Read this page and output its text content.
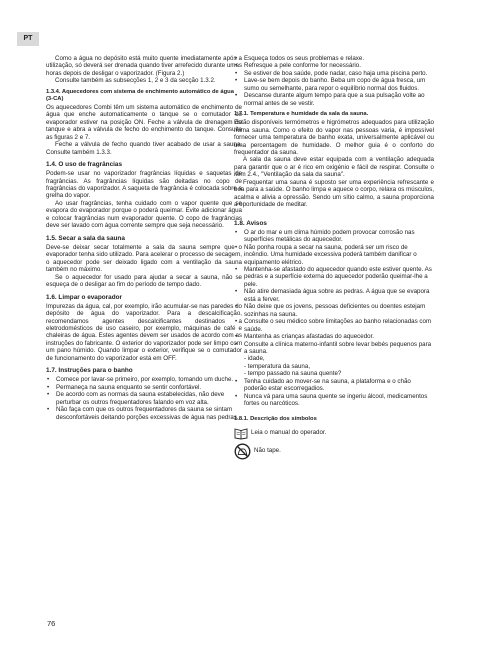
PT

Como a água no depósito está muito quente imediatamente após a utilização, só deverá ser drenada quando tiver arrefecido durante umas horas depois de desligar o vaporizador. (Figura 2.)

Consulte também as subsecções 1, 2 e 3 da secção 1.3.2.

1.3.4. Aquecedores com sistema de enchimento automático de água (3-CA)

Os aquecedores Combi têm um sistema automático de enchimento de água que enche automaticamente o tanque se o comutador do evaporador estiver na posição ON. Feche a válvula de drenagem do tanque e abra a válvula de fecho do enchimento do tanque. Consulte as figuras 2 e 7.

Feche a válvula de fecho quando tiver acabado de usar a sauna. Consulte também 1.3.3.

1.4. O uso de fragrâncias

Podem-se usar no vaporizador fragrâncias líquidas e saquetas de fragrâncias. As fragrâncias líquidas são deitadas no copo de fragrâncias do vaporizador. A saqueta de fragrância é colocada sobre a grelha do vapor.

Ao usar fragrâncias, tenha cuidado com o vapor quente que se evapora do evaporador porque o poderá queimar. Evite adicionar água e colocar fragrâncias num evaporador quente. O copo de fragrâncias deve ser lavado com água corrente sempre que seja necessário.

1.5. Secar a sala da sauna

Deve-se deixar secar totalmente a sala da sauna sempre que o evaporador tenha sido utilizado. Para acelerar o processo de secagem, o aquecedor pode ser deixado ligado com a ventilação da sauna também no máximo.

Se o aquecedor for usado para ajudar a secar a sauna, não se esqueça de o desligar ao fim do período de tempo dado.

1.6. Limpar o evaporador

Impurezas da água, cal, por exemplo, irão acumular-se nas paredes do depósito de água do vaporizador. Para a descalcificação, recomendamos agentes descalcificantes destinados a eletrodomésticos de uso caseiro, por exemplo, máquinas de café e chaleiras de água. Estes agentes devem ser usados de acordo com as instruções do fabricante. O exterior do vaporizador pode ser limpo com um pano húmido. Quando limpar o exterior, verifique se o comutador de funcionamento do vaporizador está em OFF.

1.7. Instruções para o banho
• Comece por lavar-se primeiro, por exemplo, tomando um duche.
• Permaneça na sauna enquanto se sentir confortável.
• De acordo com as normas da sauna estabelecidas, não deve perturbar os outros frequentadores falando em voz alta.
• Não faça com que os outros frequentadores da sauna se sintam desconfortáveis deitando porções excessivas de água nas pedras.
• Esqueça todos os seus problemas e relaxe.
• Refresque a pele conforme for necessário.
• Se estiver de boa saúde, pode nadar, caso haja uma piscina perto.
• Lave-se bem depois do banho. Beba um copo de água fresca, um sumo ou semelhante, para repor o equilíbrio normal dos fluidos.
• Descanse durante algum tempo para que a sua pulsação volte ao normal antes de se vestir.
1.7.1. Temperatura e humidade da sala da sauna.

Estão disponíveis termómetros e higrómetros adequados para utilização numa sauna. Como o efeito do vapor nas pessoas varia, é impossível fornecer uma temperatura de banho exata, universalmente aplicável ou uma percentagem de humidade. O melhor guia é o conforto do frequentador da sauna.

A sala da sauna deve estar equipada com a ventilação adequada para garantir que o ar é rico em oxigénio e fácil de respirar. Consulte o item 2.4., "Ventilação da sala da sauna".

Frequentar uma sauna é suposto ser uma experiência refrescante e boa para a saúde. O banho limpa e aquece o corpo, relaxa os músculos, acalma e alivia a opressão. Sendo um sítio calmo, a sauna proporciona a oportunidade de meditar.

1.8. Avisos
• O ar do mar e um clima húmido podem provocar corrosão nas superfícies metálicas do aquecedor.
• Não ponha roupa a secar na sauna, poderá ser um risco de incêndio. Uma humidade excessiva poderá também danificar o equipamento elétrico.
• Mantenha-se afastado do aquecedor quando este estiver quente. As pedras e a superfície externa do aquecedor poderão queimar-lhe a pele.
• Não atire demasiada água sobre as pedras. A água que se evapora está a ferver.
• Não deixe que os jovens, pessoas deficientes ou doentes estejam sozinhas na sauna.
• Consulte o seu médico sobre limitações ao banho relacionadas com saúde.
• Mantenha as crianças afastadas do aquecedor.
• Consulte a clínica materno-infantil sobre levar bebés pequenos para a sauna.
- idade,
- temperatura da sauna,
- tempo passado na sauna quente?
• Tenha cuidado ao mover-se na sauna, a plataforma e o chão poderão estar escorregadios.
• Nunca vá para uma sauna quente se ingeriu álcool, medicamentos fortes ou narcóticos.
1.8.1. Descrição dos símbolos
Leia o manual do operador.
Não tape.
76
